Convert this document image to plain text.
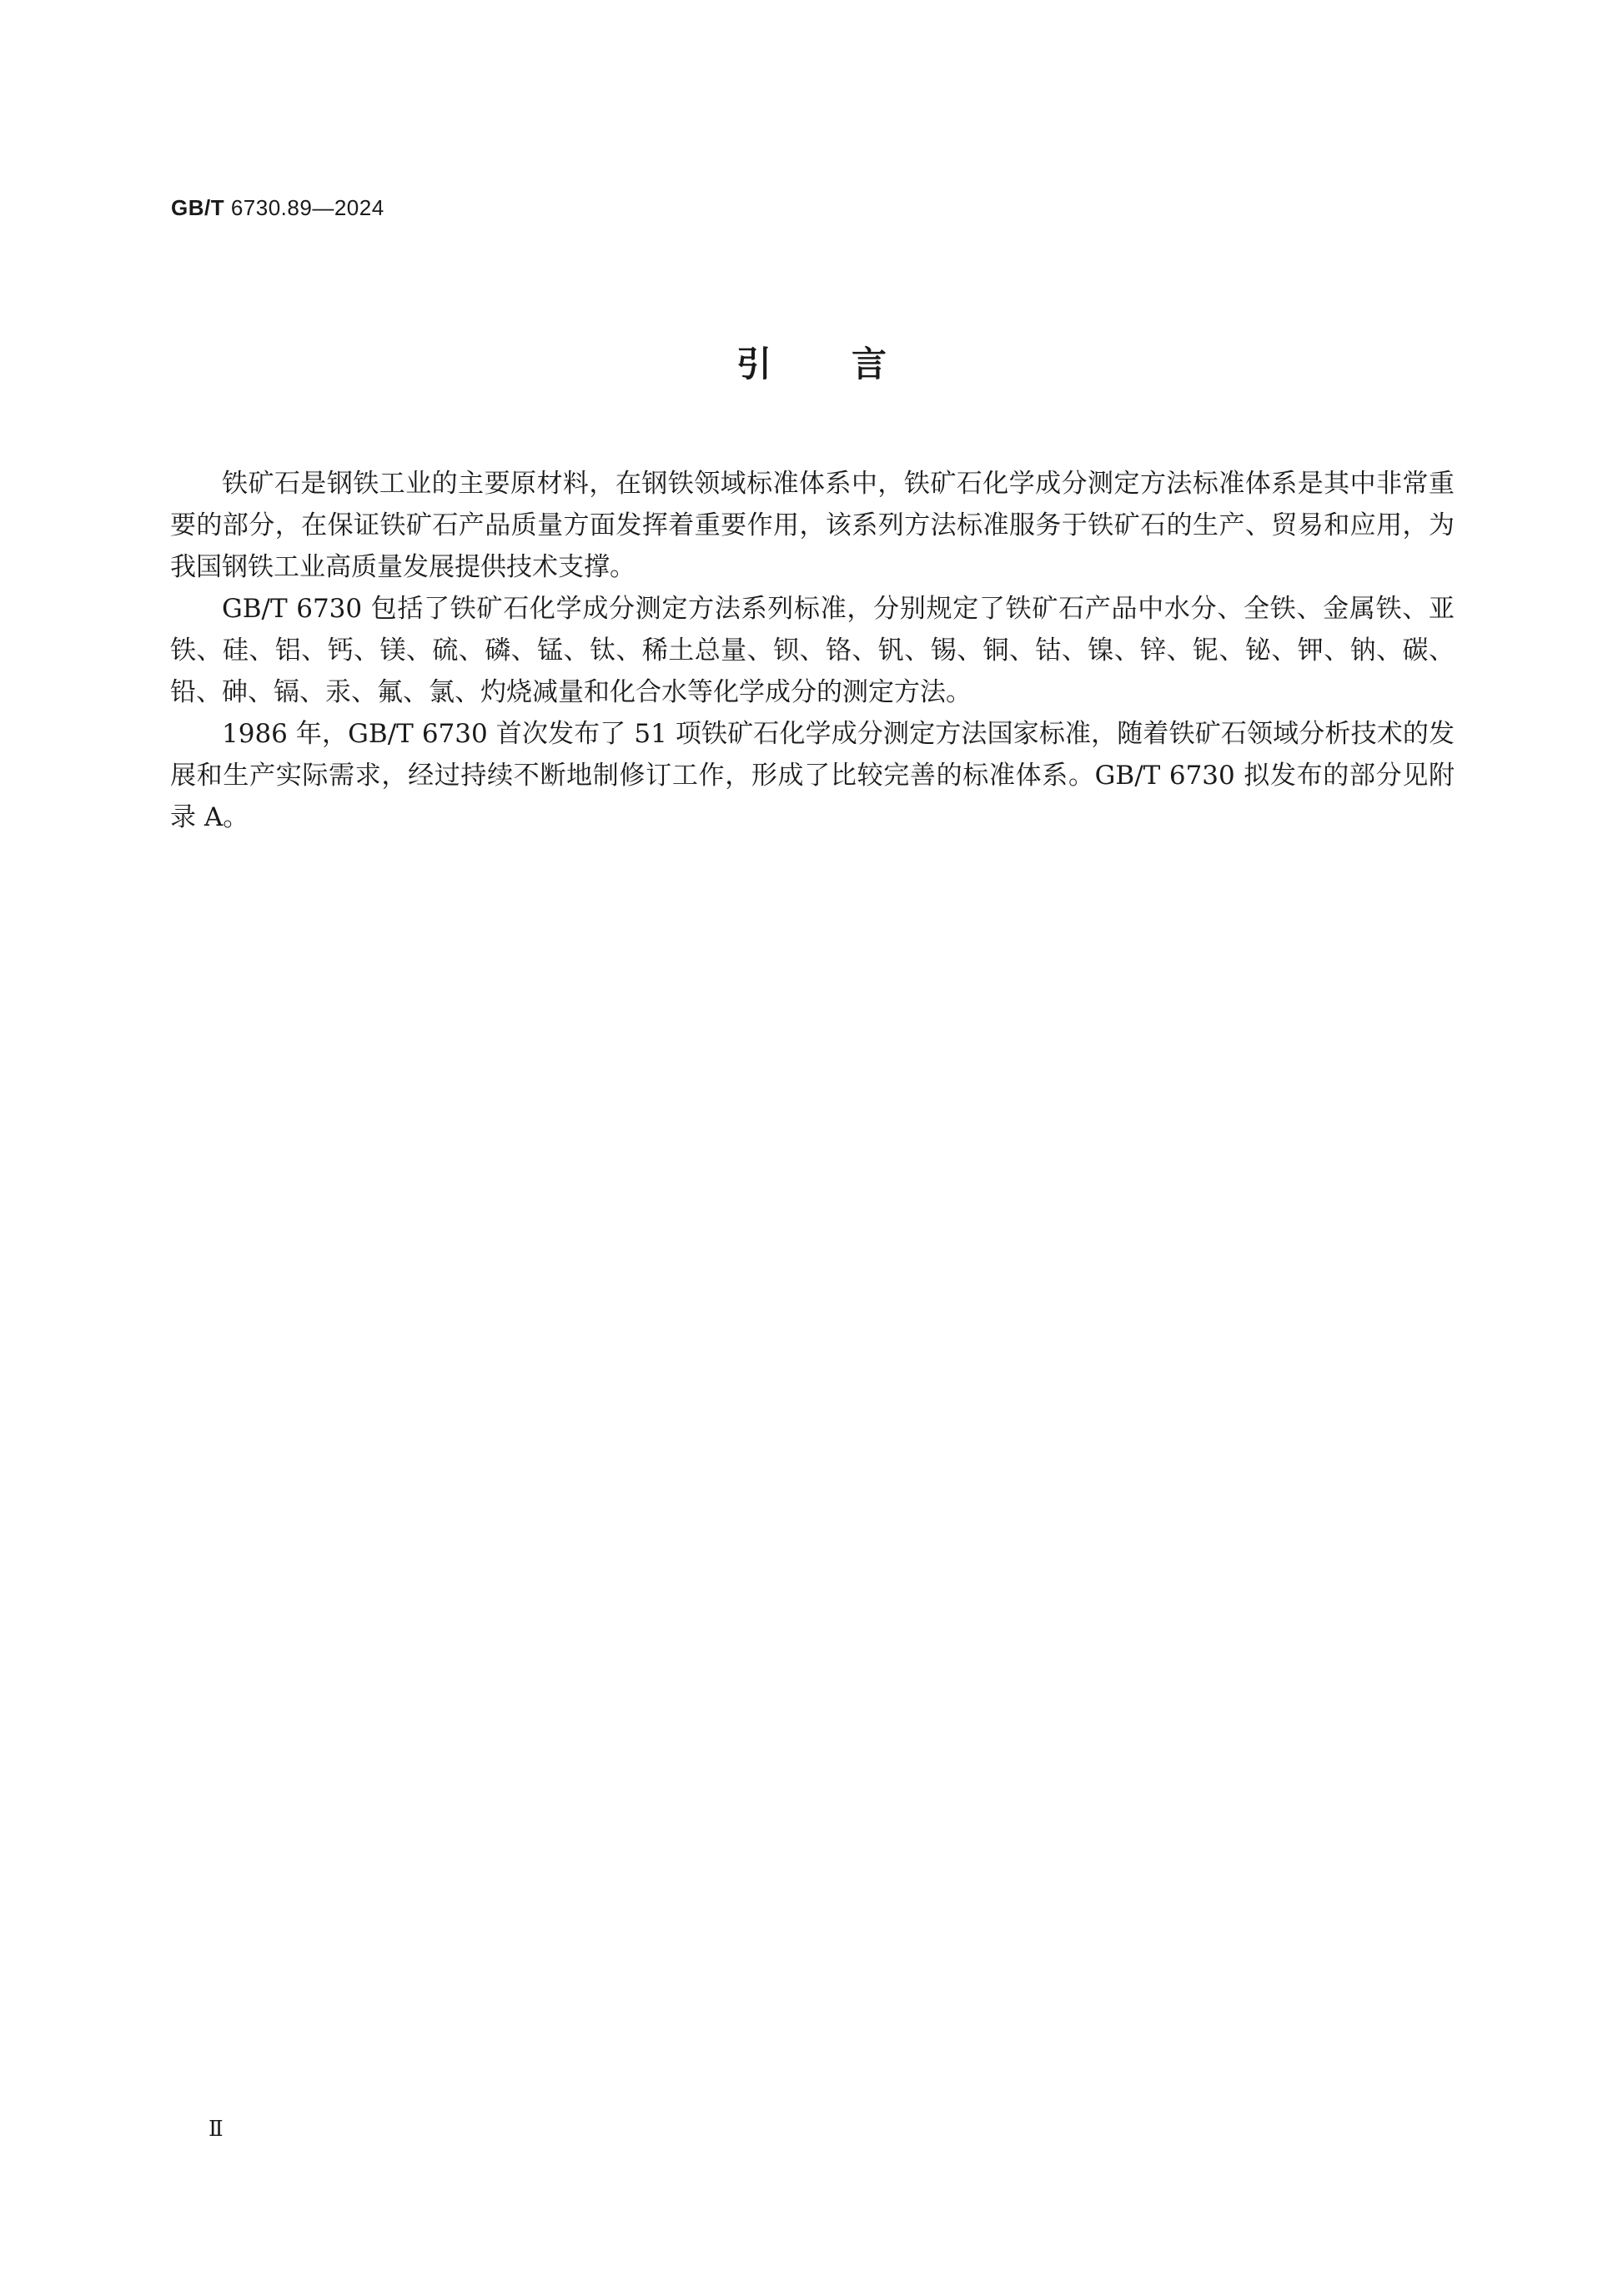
GB/T 6730.89—2024
引言

铁矿石是钢铁工业的主要原材料，在钢铁领域标准体系中，铁矿石化学成分测定方法标准体系是其中非常重要的部分，在保证铁矿石产品质量方面发挥着重要作用，该系列方法标准服务于铁矿石的生产、贸易和应用，为我国钢铁工业高质量发展提供技术支撑。

GB/T 6730 包括了铁矿石化学成分测定方法系列标准，分别规定了铁矿石产品中水分、全铁、金属铁、亚铁、硅、铝、钙、镁、硫、磷、锰、钛、稀土总量、钡、铬、钒、锡、铜、钴、镍、锌、铌、铋、钾、钠、碳、铅、砷、镉、汞、氟、氯、灼烧减量和化合水等化学成分的测定方法。

1986 年，GB/T 6730 首次发布了 51 项铁矿石化学成分测定方法国家标准，随着铁矿石领域分析技术的发展和生产实际需求，经过持续不断地制修订工作，形成了比较完善的标准体系。GB/T 6730 拟发布的部分见附录 A。

Ⅱ
